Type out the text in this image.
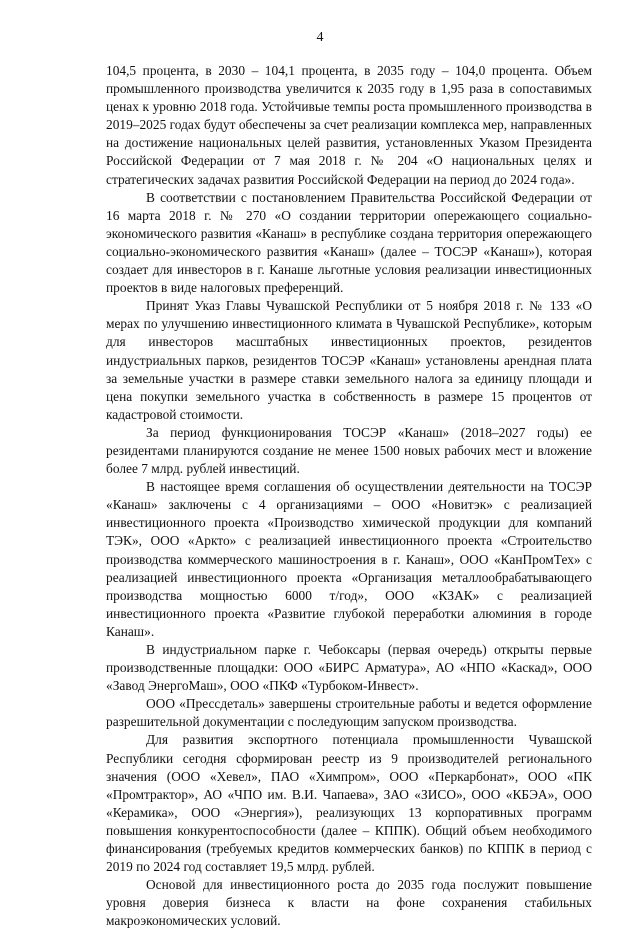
4

104,5 процента, в 2030 – 104,1 процента, в 2035 году – 104,0 процента. Объем промышленного производства увеличится к 2035 году в 1,95 раза в сопоставимых ценах к уровню 2018 года. Устойчивые темпы роста промышленного производства в 2019–2025 годах будут обеспечены за счет реализации комплекса мер, направленных на достижение национальных целей развития, установленных Указом Президента Российской Федерации от 7 мая 2018 г. № 204 «О национальных целях и стратегических задачах развития Российской Федерации на период до 2024 года».

В соответствии с постановлением Правительства Российской Федерации от 16 марта 2018 г. № 270 «О создании территории опережающего социально-экономического развития «Канаш» в республике создана территория опережающего социально-экономического развития «Канаш» (далее – ТОСЭР «Канаш»), которая создает для инвесторов в г. Канаше льготные условия реализации инвестиционных проектов в виде налоговых преференций.

Принят Указ Главы Чувашской Республики от 5 ноября 2018 г. № 133 «О мерах по улучшению инвестиционного климата в Чувашской Республике», которым для инвесторов масштабных инвестиционных проектов, резидентов индустриальных парков, резидентов ТОСЭР «Канаш» установлены арендная плата за земельные участки в размере ставки земельного налога за единицу площади и цена покупки земельного участка в собственность в размере 15 процентов от кадастровой стоимости.

За период функционирования ТОСЭР «Канаш» (2018–2027 годы) ее резидентами планируются создание не менее 1500 новых рабочих мест и вложение более 7 млрд. рублей инвестиций.

В настоящее время соглашения об осуществлении деятельности на ТОСЭР «Канаш» заключены с 4 организациями – ООО «Новитэк» с реализацией инвестиционного проекта «Производство химической продукции для компаний ТЭК», ООО «Аркто» с реализацией инвестиционного проекта «Строительство производства коммерческого машиностроения в г. Канаш», ООО «КанПромТех» с реализацией инвестиционного проекта «Организация металлообрабатывающего производства мощностью 6000 т/год», ООО «КЗАК» с реализацией инвестиционного проекта «Развитие глубокой переработки алюминия в городе Канаш».

В индустриальном парке г. Чебоксары (первая очередь) открыты первые производственные площадки: ООО «БИРС Арматура», АО «НПО «Каскад», ООО «Завод ЭнергоМаш», ООО «ПКФ «Турбоком-Инвест».

ООО «Прессдеталь» завершены строительные работы и ведется оформление разрешительной документации с последующим запуском производства.

Для развития экспортного потенциала промышленности Чувашской Республики сегодня сформирован реестр из 9 производителей регионального значения (ООО «Хевел», ПАО «Химпром», ООО «Перкарбонат», ООО «ПК «Промтрактор», АО «ЧПО им. В.И. Чапаева», ЗАО «ЗИСО», ООО «КБЭА», ООО «Керамика», ООО «Энергия»), реализующих 13 корпоративных программ повышения конкурентоспособности (далее – КППК). Общий объем необходимого финансирования (требуемых кредитов коммерческих банков) по КППК в период с 2019 по 2024 год составляет 19,5 млрд. рублей.

Основой для инвестиционного роста до 2035 года послужит повышение уровня доверия бизнеса к власти на фоне сохранения стабильных макроэкономических условий.
